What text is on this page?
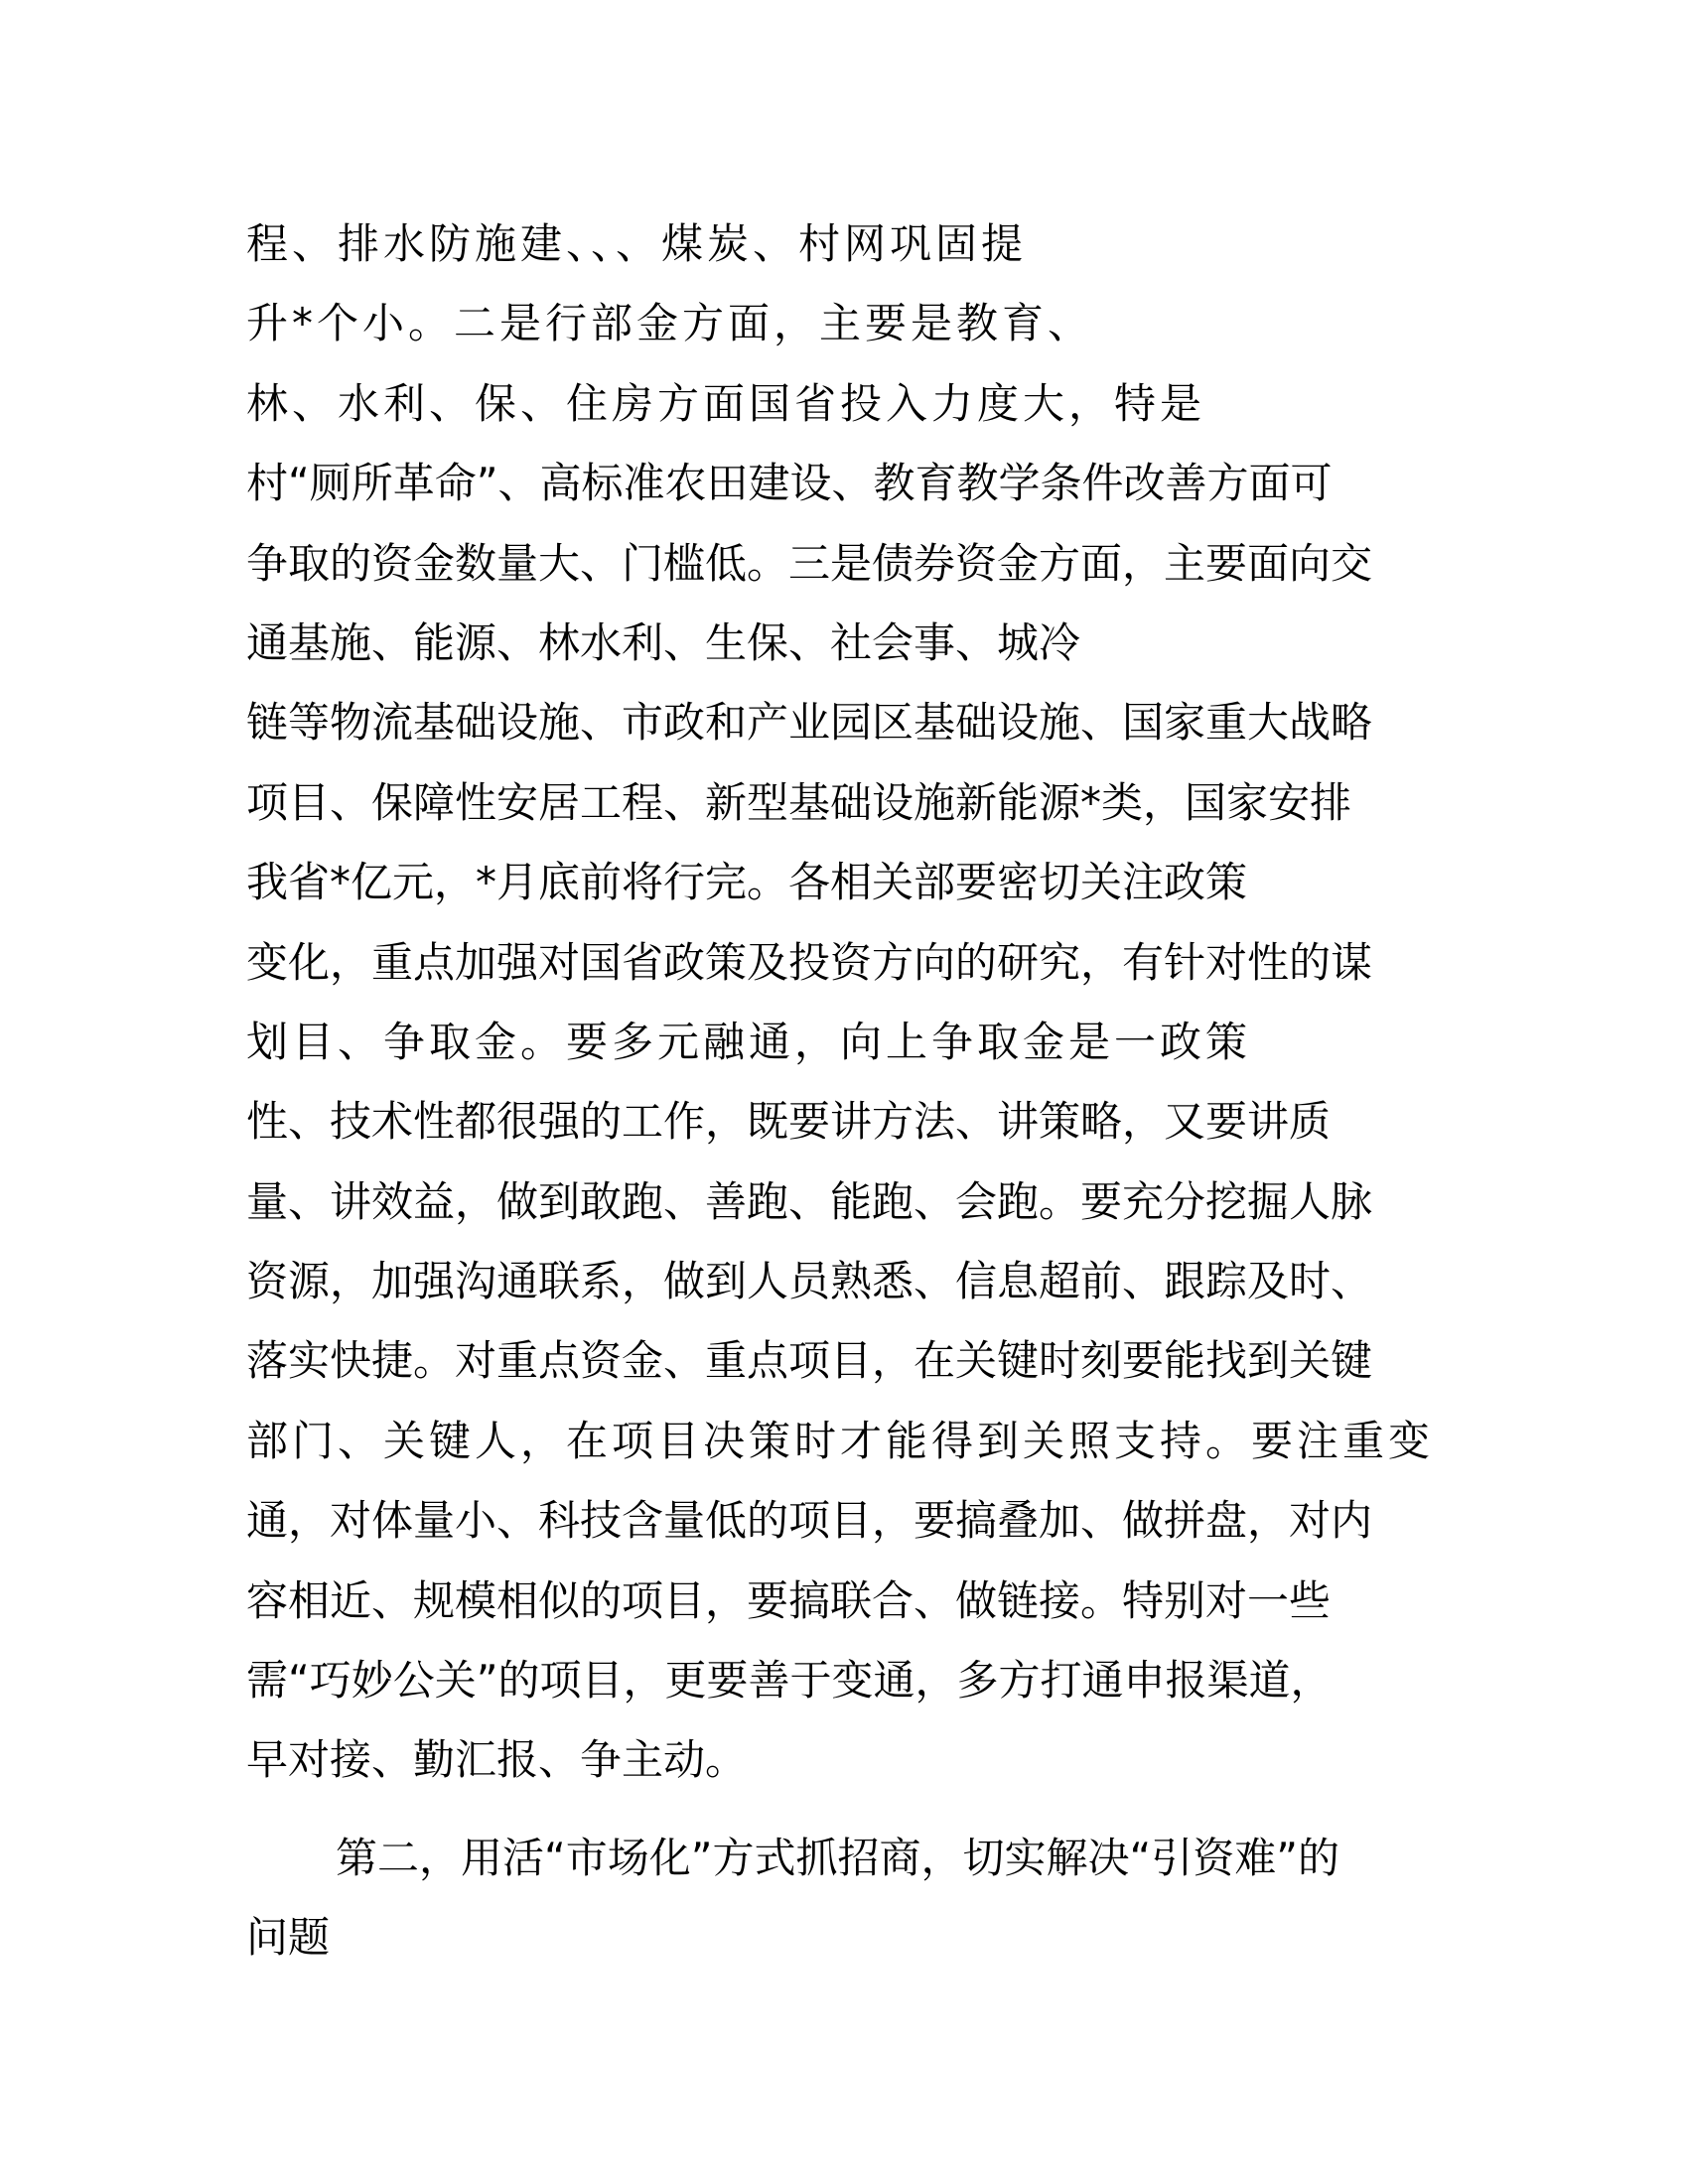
程、排水防施建、、、煤炭、村网巩固提
升*个小。二是行部金方面，主要是教育、
林、水利、保、住房方面国省投入力度大，特是
村“厕所革命”、高标准农田建设、教育教学条件改善方面可
争取的资金数量大、门槛低。三是债券资金方面，主要面向交
通基施、能源、林水利、生保、社会事、城冷
链等物流基础设施、市政和产业园区基础设施、国家重大战略
项目、保障性安居工程、新型基础设施新能源*类，国家安排
我省*亿元，*月底前将行完。各相关部要密切关注政策
变化，重点加强对国省政策及投资方向的研究，有针对性的谋
划目、争取金。要多元融通，向上争取金是一政策
性、技术性都很强的工作，既要讲方法、讲策略，又要讲质
量、讲效益，做到敢跑、善跑、能跑、会跑。要充分挖掘人脉
资源，加强沟通联系，做到人员熟悉、信息超前、跟踪及时、
落实快捷。对重点资金、重点项目，在关键时刻要能找到关键
部门、关键人，在项目决策时才能得到关照支持。要注重变
通，对体量小、科技含量低的项目，要搞叠加、做拼盘，对内
容相近、规模相似的项目，要搞联合、做链接。特别对一些
需“巧妙公关”的项目，更要善于变通，多方打通申报渠道，
早对接、勤汇报、争主动。
第二，用活“市场化”方式抓招商，切实解决“引资难”的
问题
